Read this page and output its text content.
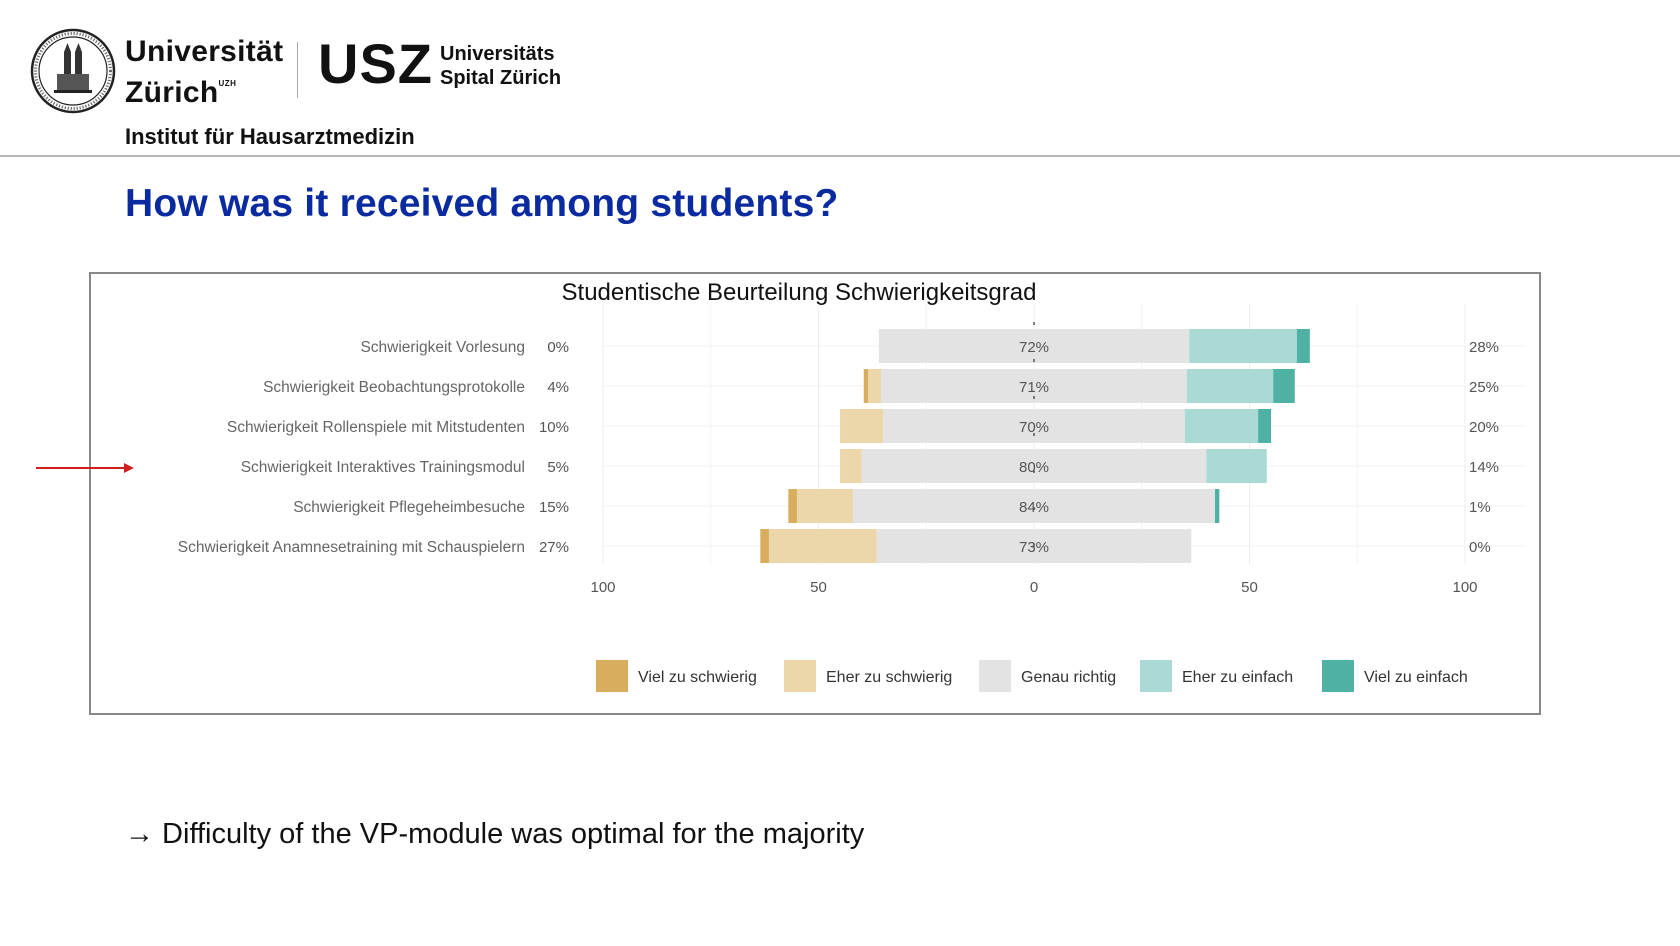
Universität
Zürich$^{UZH}$	USZ Universitäts
Spital Zürich
Institut für Hausarztmedizin
How was it received among students?
Studentische Beurteilung Schwierigkeitsgrad
Schwierigkeit Vorlesung 0%	72%	28%
Schwierigkeit Beobachtungsprotokolle 4%	71%	25%
Schwierigkeit Rollenspiele mit Mitstudenten 10%	70%	20%
Schwierigkeit Interaktives Trainingsmodul 5%	80%	14%
Schwierigkeit Pflegeheimbesuche 15%	84%	1%
Schwierigkeit Anamnesetraining mit Schauspielern 27%	73%	0%
100	50	0	50	100
Viel zu schwierig	Eher zu schwierig	Genau richtig	Eher zu einfach	Viel zu einfach
→ Difficulty of the VP-module was optimal for the majority
